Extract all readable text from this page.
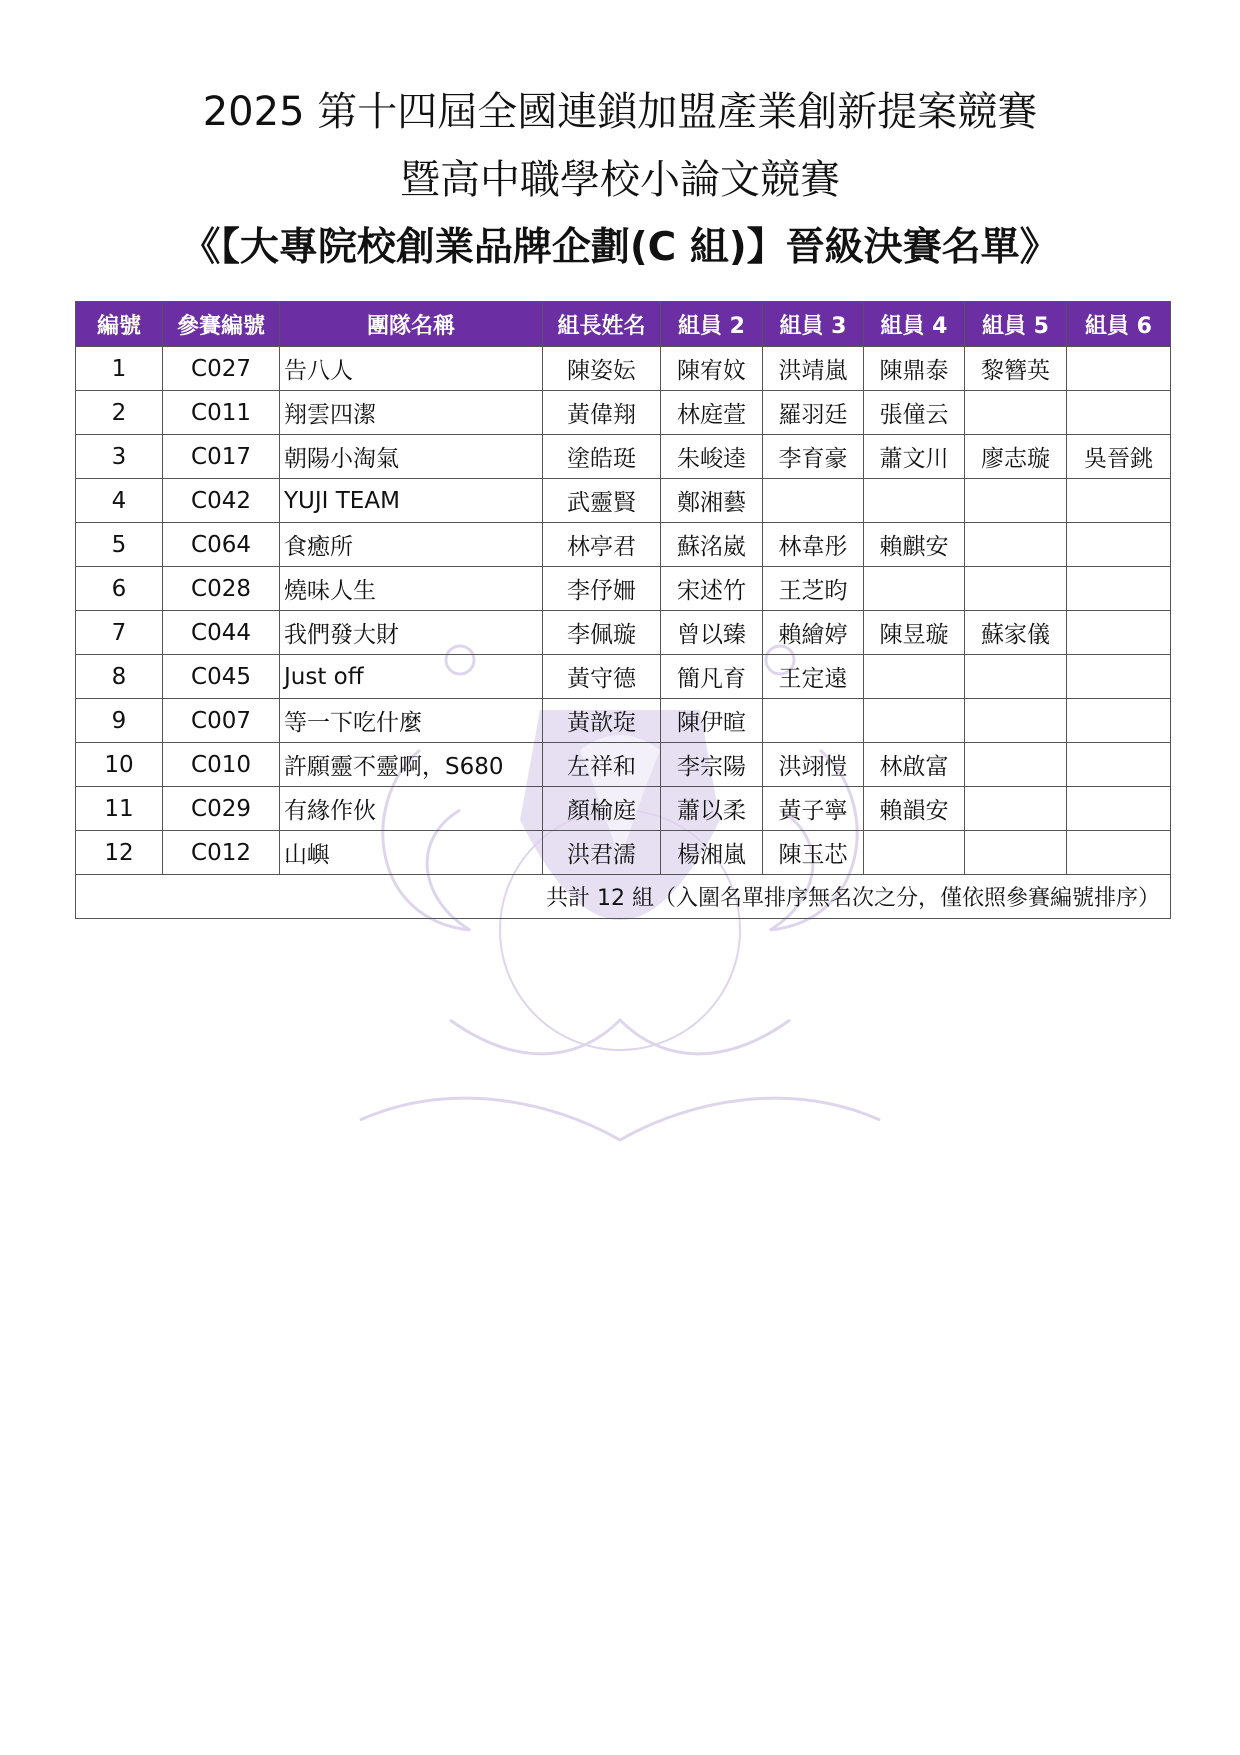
2025 第十四屆全國連鎖加盟產業創新提案競賽
暨高中職學校小論文競賽
《【大專院校創業品牌企劃(C 組)】晉級決賽名單》
編號	參賽編號	團隊名稱	組長姓名	組員 2	組員 3	組員 4	組員 5	組員 6
1	C027	告八人	陳姿妘	陳宥妏	洪靖嵐	陳鼎泰	黎簪英	
2	C011	翔雲四潔	黃偉翔	林庭萱	羅羽廷	張僮云		
3	C017	朝陽小淘氣	塗皓珽	朱峻逵	李育豪	蕭文川	廖志璇	吳晉銚
4	C042	YUJI TEAM	武靈賢	鄭湘藝				
5	C064	食癒所	林亭君	蘇洺崴	林韋彤	賴麒安		
6	C028	燒味人生	李伃姍	宋述竹	王芝昀			
7	C044	我們發大財	李佩璇	曾以臻	賴繪婷	陳昱璇	蘇家儀	
8	C045	Just off	黃守德	簡凡育	王定遠			
9	C007	等一下吃什麼	黃歆琁	陳伊暄				
10	C010	許願靈不靈啊，S680	左祥和	李宗陽	洪翊愷	林啟富		
11	C029	有緣作伙	顏榆庭	蕭以柔	黃子寧	賴韻安		
12	C012	山嶼	洪君濡	楊湘嵐	陳玉芯			
共計 12 組（入圍名單排序無名次之分，僅依照參賽編號排序）								
